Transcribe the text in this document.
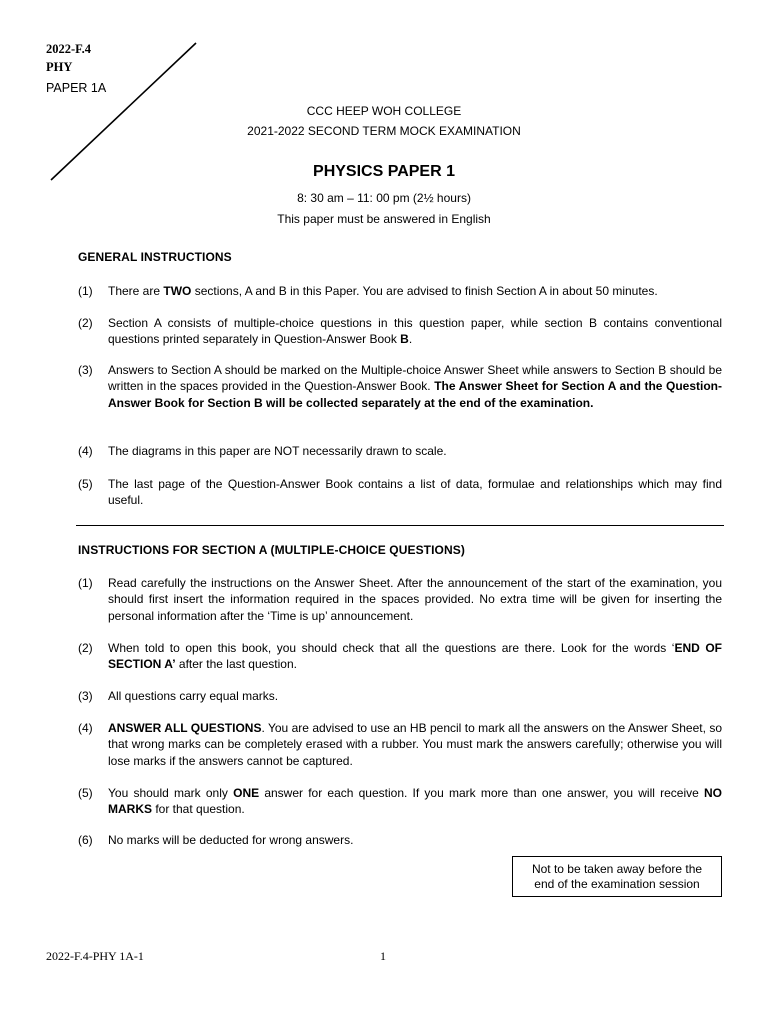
2022-F.4
PHY
PAPER 1A
CCC HEEP WOH COLLEGE
2021-2022 SECOND TERM MOCK EXAMINATION
PHYSICS PAPER 1
8: 30 am – 11: 00 pm (2½ hours)
This paper must be answered in English
GENERAL INSTRUCTIONS
(1) There are TWO sections, A and B in this Paper. You are advised to finish Section A in about 50 minutes.
(2) Section A consists of multiple-choice questions in this question paper, while section B contains conventional questions printed separately in Question-Answer Book B.
(3) Answers to Section A should be marked on the Multiple-choice Answer Sheet while answers to Section B should be written in the spaces provided in the Question-Answer Book. The Answer Sheet for Section A and the Question-Answer Book for Section B will be collected separately at the end of the examination.
(4) The diagrams in this paper are NOT necessarily drawn to scale.
(5) The last page of the Question-Answer Book contains a list of data, formulae and relationships which may find useful.
INSTRUCTIONS FOR SECTION A (MULTIPLE-CHOICE QUESTIONS)
(1) Read carefully the instructions on the Answer Sheet. After the announcement of the start of the examination, you should first insert the information required in the spaces provided. No extra time will be given for inserting the personal information after the ‘Time is up’ announcement.
(2) When told to open this book, you should check that all the questions are there. Look for the words ‘END OF SECTION A’ after the last question.
(3) All questions carry equal marks.
(4) ANSWER ALL QUESTIONS. You are advised to use an HB pencil to mark all the answers on the Answer Sheet, so that wrong marks can be completely erased with a rubber. You must mark the answers carefully; otherwise you will lose marks if the answers cannot be captured.
(5) You should mark only ONE answer for each question. If you mark more than one answer, you will receive NO MARKS for that question.
(6) No marks will be deducted for wrong answers.
Not to be taken away before the
end of the examination session
2022-F.4-PHY 1A-1	1
